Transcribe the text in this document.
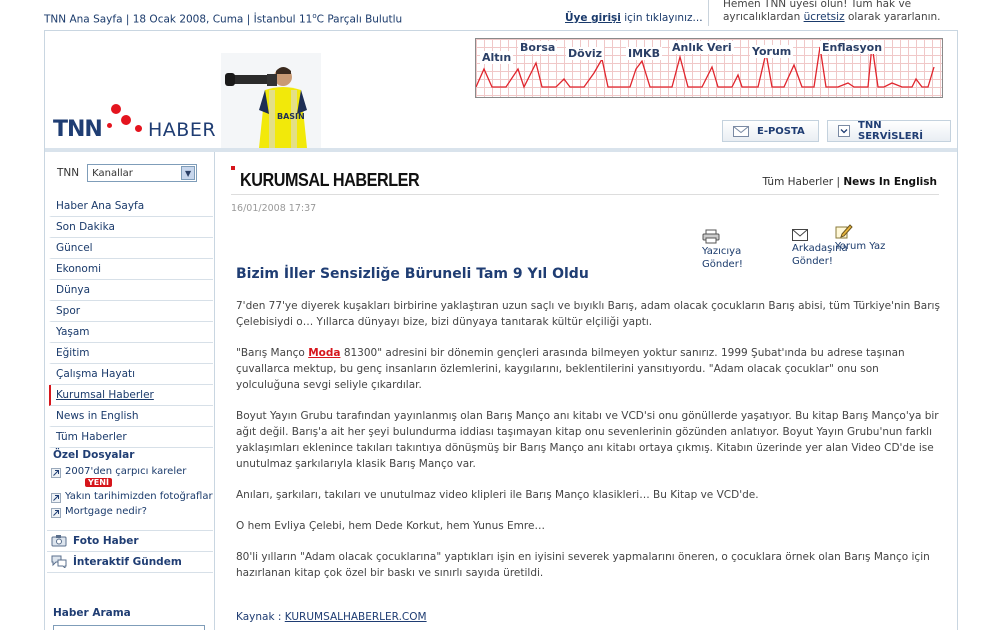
TNN Ana Sayfa | 18 Ocak 2008, Cuma | İstanbul 11$^o$C Parçalı Bulutlu	Üye girişi için tıklayınız...
Hemen TNN üyesi olun! Tüm hak ve
ayrıcalıklardan ücretsiz olarak yararlanın.
TNN HABER
BASIN
Altın
Borsa Döviz IMKB Anlık Veri Yorum	Enflasyon
E-POSTA	TNN SERVİSLERİ
TNN Kanallar	▼
Haber Ana Sayfa
Son Dakika
Güncel
Ekonomi
Dünya
Spor
Yaşam
Eğitim
Çalışma Hayatı
Kurumsal Haberler
News in English
Tüm Haberler
Özel Dosyalar
2007'den çarpıcı kareler
YENİ
Yakın tarihimizden fotoğraflar
Mortgage nedir?
Foto Haber
İnteraktif Gündem
Haber Arama
KURUMSAL HABERLER	Tüm Haberler | News In English
16/01/2008 17:37
Yazıcıya
Gönder!
Arkadaşına
Gönder!
Yorum Yaz
Bizim İller Sensizliğe Büruneli Tam 9 Yıl Oldu

7'den 77'ye diyerek kuşakları birbirine yaklaştıran uzun saçlı ve bıyıklı Barış, adam olacak çocukların Barış abisi, tüm Türkiye'nin Barış Çelebisiydi o… Yıllarca dünyayı bize, bizi dünyaya tanıtarak kültür elçiliği yaptı.

"Barış Manço Moda 81300" adresini bir dönemin gençleri arasında bilmeyen yoktur sanırız. 1999 Şubat'ında bu adrese taşınan çuvallarca mektup, bu genç insanların özlemlerini, kaygılarını, beklentilerini yansıtıyordu. "Adam olacak çocuklar" onu son yolculuğuna sevgi seliyle çıkardılar.

Boyut Yayın Grubu tarafından yayınlanmış olan Barış Manço anı kitabı ve VCD'si onu gönüllerde yaşatıyor. Bu kitap Barış Manço'ya bir ağıt değil. Barış'a ait her şeyi bulundurma iddiası taşımayan kitap onu sevenlerinin gözünden anlatıyor. Boyut Yayın Grubu'nun farklı yaklaşımları eklenince takıları takıntıya dönüşmüş bir Barış Manço anı kitabı ortaya çıkmış. Kitabın üzerinde yer alan Video CD'de ise unutulmaz şarkılarıyla klasik Barış Manço var.

Anıları, şarkıları, takıları ve unutulmaz video klipleri ile Barış Manço klasikleri… Bu Kitap ve VCD'de.

O hem Evliya Çelebi, hem Dede Korkut, hem Yunus Emre…

80'li yılların "Adam olacak çocuklarına" yaptıkları işin en iyisini severek yapmalarını öneren, o çocuklara örnek olan Barış Manço için hazırlanan kitap çok özel bir baskı ve sınırlı sayıda üretildi.

Kaynak : KURUMSALHABERLER.COM
